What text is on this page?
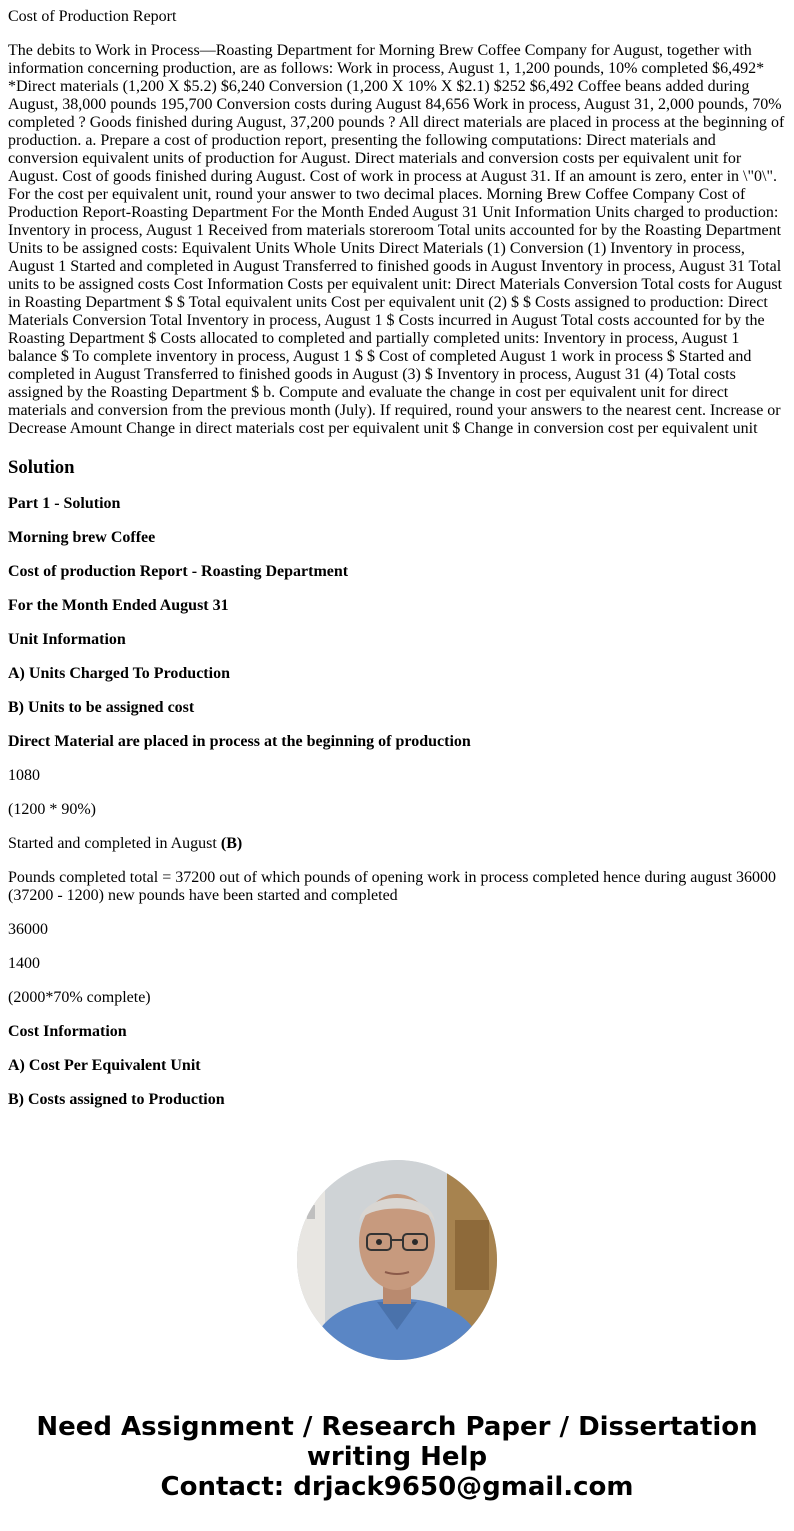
Cost of Production Report
The debits to Work in Process—Roasting Department for Morning Brew Coffee Company for August, together with information concerning production, are as follows: Work in process, August 1, 1,200 pounds, 10% completed $6,492* *Direct materials (1,200 X $5.2) $6,240 Conversion (1,200 X 10% X $2.1) $252 $6,492 Coffee beans added during August, 38,000 pounds 195,700 Conversion costs during August 84,656 Work in process, August 31, 2,000 pounds, 70% completed ? Goods finished during August, 37,200 pounds ? All direct materials are placed in process at the beginning of production. a. Prepare a cost of production report, presenting the following computations: Direct materials and conversion equivalent units of production for August. Direct materials and conversion costs per equivalent unit for August. Cost of goods finished during August. Cost of work in process at August 31. If an amount is zero, enter in \"0\". For the cost per equivalent unit, round your answer to two decimal places. Morning Brew Coffee Company Cost of Production Report-Roasting Department For the Month Ended August 31 Unit Information Units charged to production: Inventory in process, August 1 Received from materials storeroom Total units accounted for by the Roasting Department Units to be assigned costs: Equivalent Units Whole Units Direct Materials (1) Conversion (1) Inventory in process, August 1 Started and completed in August Transferred to finished goods in August Inventory in process, August 31 Total units to be assigned costs Cost Information Costs per equivalent unit: Direct Materials Conversion Total costs for August in Roasting Department $ $ Total equivalent units Cost per equivalent unit (2) $ $ Costs assigned to production: Direct Materials Conversion Total Inventory in process, August 1 $ Costs incurred in August Total costs accounted for by the Roasting Department $ Costs allocated to completed and partially completed units: Inventory in process, August 1 balance $ To complete inventory in process, August 1 $ $ Cost of completed August 1 work in process $ Started and completed in August Transferred to finished goods in August (3) $ Inventory in process, August 31 (4) Total costs assigned by the Roasting Department $ b. Compute and evaluate the change in cost per equivalent unit for direct materials and conversion from the previous month (July). If required, round your answers to the nearest cent. Increase or Decrease Amount Change in direct materials cost per equivalent unit $ Change in conversion cost per equivalent unit
Solution
Part 1 - Solution
Morning brew Coffee
Cost of production Report - Roasting Department
For the Month Ended August 31
Unit Information
A) Units Charged To Production
B) Units to be assigned cost
Direct Material are placed in process at the beginning of production
1080
(1200 * 90%)
Started and completed in August (B)
Pounds completed total = 37200 out of which pounds of opening work in process completed hence during august 36000 (37200 - 1200) new pounds have been started and completed
36000
1400
(2000*70% complete)
Cost Information
A) Cost Per Equivalent Unit
B) Costs assigned to Production
Need Assignment / Research Paper / Dissertation
writing Help
Contact: drjack9650@gmail.com
